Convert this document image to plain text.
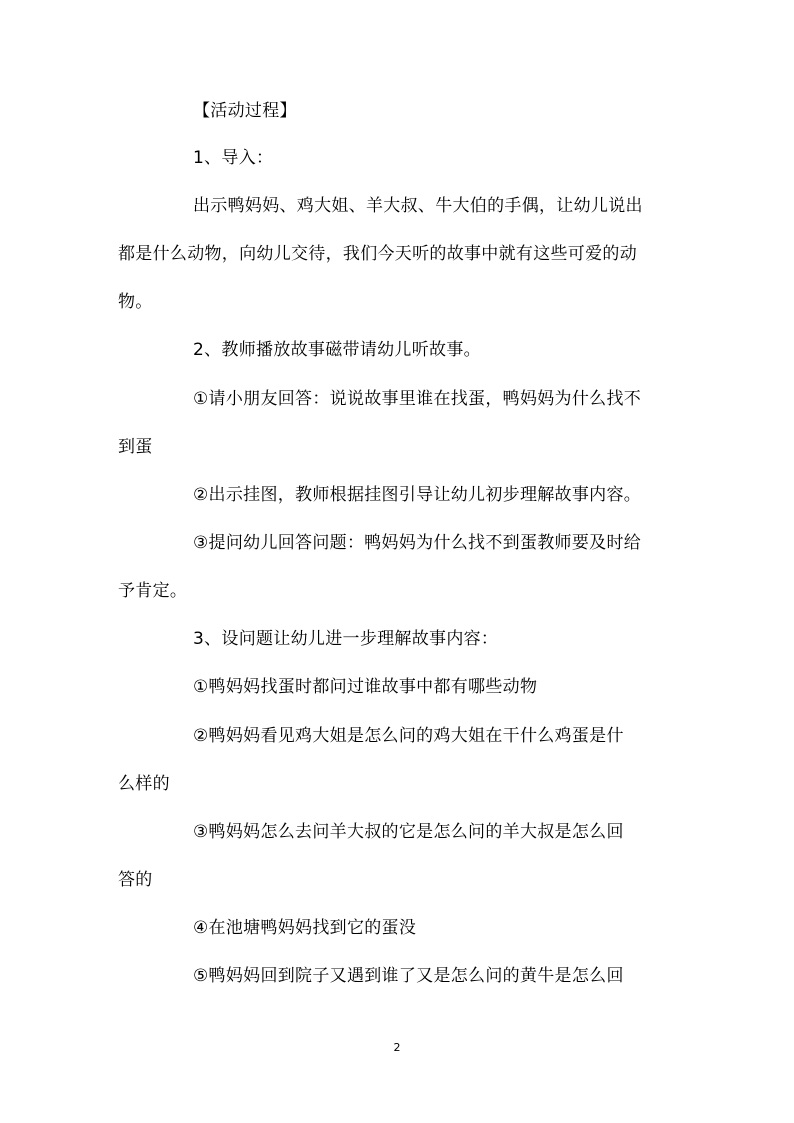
【活动过程】
1、导入：
出示鸭妈妈、鸡大姐、羊大叔、牛大伯的手偶，让幼儿说出
都是什么动物，向幼儿交待，我们今天听的故事中就有这些可爱的动
物。
2、教师播放故事磁带请幼儿听故事。
①请小朋友回答：说说故事里谁在找蛋，鸭妈妈为什么找不
到蛋
②出示挂图，教师根据挂图引导让幼儿初步理解故事内容。
③提问幼儿回答问题：鸭妈妈为什么找不到蛋教师要及时给
予肯定。
3、设问题让幼儿进一步理解故事内容：
①鸭妈妈找蛋时都问过谁故事中都有哪些动物
②鸭妈妈看见鸡大姐是怎么问的鸡大姐在干什么鸡蛋是什
么样的
③鸭妈妈怎么去问羊大叔的它是怎么问的羊大叔是怎么回
答的
④在池塘鸭妈妈找到它的蛋没
⑤鸭妈妈回到院子又遇到谁了又是怎么问的黄牛是怎么回
2
